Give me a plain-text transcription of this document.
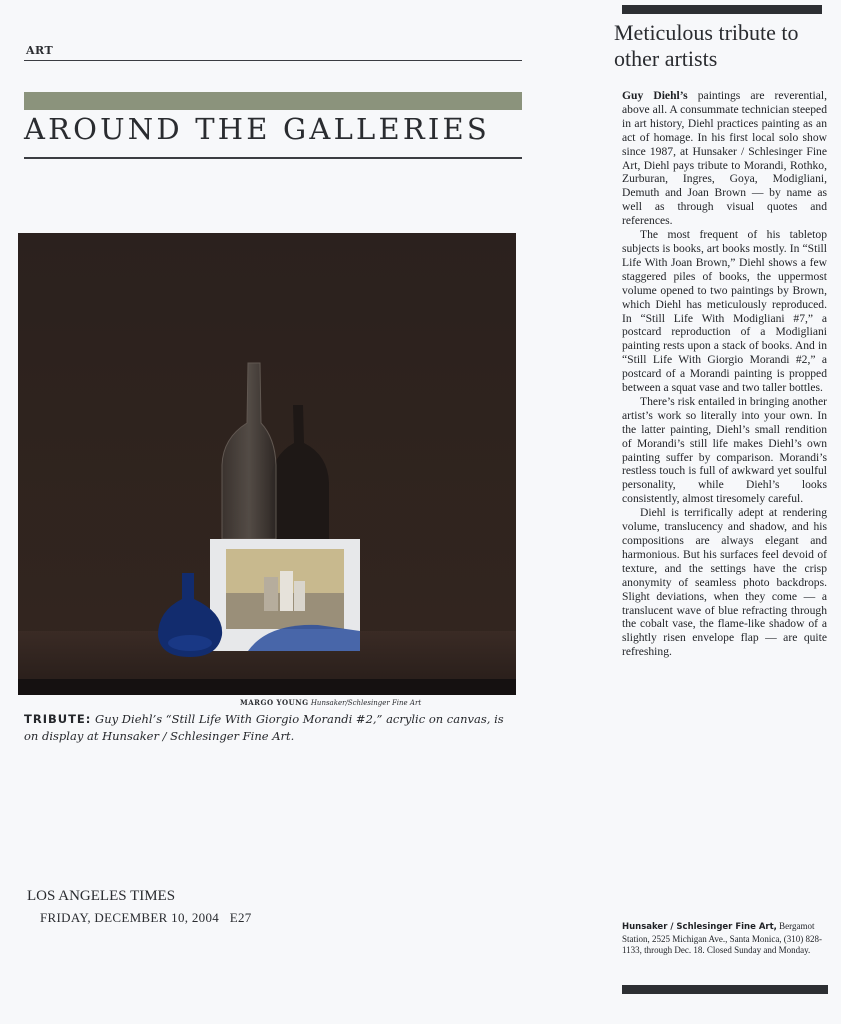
ART
AROUND THE GALLERIES
MARGO YOUNG Hunsaker/Schlesinger Fine Art
TRIBUTE: Guy Diehl’s “Still Life With Giorgio Morandi #2,” acrylic on canvas, is on display at Hunsaker / Schlesinger Fine Art.
LOS ANGELES TIMES
FRIDAY, DECEMBER 10, 2004   E27
Meticulous tribute to other artists

Guy Diehl’s paintings are reverential, above all. A consummate technician steeped in art history, Diehl practices painting as an act of homage. In his first local solo show since 1987, at Hunsaker / Schlesinger Fine Art, Diehl pays tribute to Morandi, Rothko, Zurburan, Ingres, Goya, Modigliani, Demuth and Joan Brown — by name as well as through visual quotes and references.

The most frequent of his tabletop subjects is books, art books mostly. In “Still Life With Joan Brown,” Diehl shows a few staggered piles of books, the uppermost volume opened to two paintings by Brown, which Diehl has meticulously reproduced. In “Still Life With Modigliani #7,” a postcard reproduction of a Modigliani painting rests upon a stack of books. And in “Still Life With Giorgio Morandi #2,” a postcard of a Morandi painting is propped between a squat vase and two taller bottles.

There’s risk entailed in bringing another artist’s work so literally into your own. In the latter painting, Diehl’s small rendition of Morandi’s still life makes Diehl’s own painting suffer by comparison. Morandi’s restless touch is full of awkward yet soulful personality, while Diehl’s looks consistently, almost tiresomely careful.

Diehl is terrifically adept at rendering volume, translucency and shadow, and his compositions are always elegant and harmonious. But his surfaces feel devoid of texture, and the settings have the crisp anonymity of seamless photo backdrops. Slight deviations, when they come — a translucent wave of blue refracting through the cobalt vase, the flame-like shadow of a slightly risen envelope flap — are quite refreshing.

Hunsaker / Schlesinger Fine Art, Bergamot Station, 2525 Michigan Ave., Santa Monica, (310) 828-1133, through Dec. 18. Closed Sunday and Monday.
